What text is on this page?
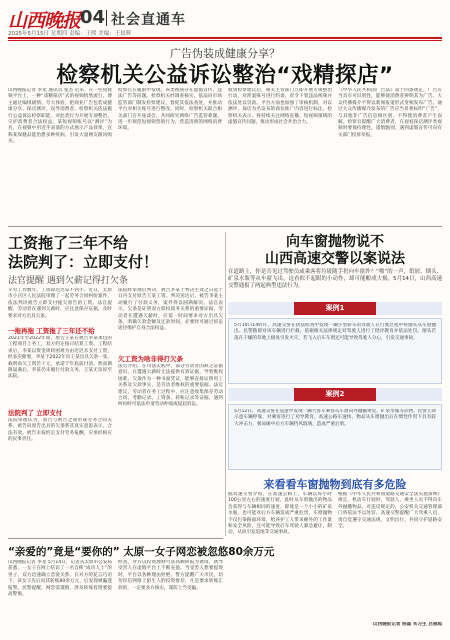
山西晚报 04 社会直通车
2025年5月15日 星期四 责编：王熙 美编：王晨辉
广告伪装成健康分享？
检察机关公益诉讼整治“戏精探店”
山西晚报记者 李龙 通讯员 张杰 近来，在一些短视频平台上，一种“戏精探店”式的视频悄然流行，博主通过编排剧情、夸大体验，把商业广告包装成健康分享、探店测评，误导消费者。检察机关依法履行公益诉讼检察职能，对此类行为开展专项整治，守护消费者合法权益。某短视频账号以“测评”为名，在视频中用近乎表演的方式展示产品效果，宣称某保健品能治愈多种疾病，引发大量网友跟风购买。
检察官在履职中发现，该类视频存在虚假宣传、违法广告等问题。检察机关经调查核实，依法向市场监管部门制发检察建议，督促其依法查处，并推动平台对相关账号进行整改。同时，检察机关联合相关部门召开座谈会，共同研究网络广告监管难题，进一步规范短视频营销行为，营造清朗的网络消费环境。
收到检察建议后，相关主管部门立即开展专项整治行动，对涉案账号进行约谈，责令下架违法视频并依法处以罚款。平台方面也加强了审核机制，对以测评、探店为名发布的商业推广内容进行标注。检察机关表示，将持续关注网络直播、短视频领域的虚假宣传问题，推动形成社会共治合力。
《中华人民共和国广告法》第十四条规定，广告应当具有可识别性，能够使消费者辨明其为广告。大众传播媒介不得以新闻报道形式变相发布广告。通过大众传播媒介发布的广告应当显著标明“广告”，与其他非广告信息相区别，不得使消费者产生误解。检察官提醒广大消费者，在观看探店测评类视频时要保持理性，谨慎甄别，遇到虚假宣传可向有关部门投诉举报。
工资拖了三年不给
法院判了：立即支付！
法官提醒 遇到欠薪记得打欠条
辛劳工作数年，工资却迟迟拿不到手。近日，太原市小店区人民法院审理了一起劳务合同纠纷案件，依法判决被告立即支付拖欠原告的工资。法官提醒，劳动者在遇到欠薪时，应注意保存证据，及时要求对方出具欠条。
一拖再拖 工资拖了三年还不给
2021年至2022年间，原告王某在被告李某承包的工程项目上务工，双方约定按日结算工资。工程结束后，李某以资金周转困难为由迟迟未支付工资，经多次催要，李某于2022年向王某出具欠条一张，载明尚欠工资若干元，承诺于年底前付清。然而期限届满后，李某仍未履行付款义务，王某无奈诉至法院。
法院判了 立即支付
法院审理认为，原告与被告之间形成劳务合同关系，被告向原告出具的欠条系其真实意思表示，合法有效。被告未按约定支付劳务报酬，应承担相应的民事责任。
法院经审理后判决，被告李某于判决生效之日起十日内支付原告王某工资。判决送达后，被告李某主动履行了付款义务，案件得以圆满解决。法官表示，欠条是证明双方债权债务关系的重要证据，劳动者在遭遇欠薪时，应第一时间要求对方出具欠条，明确欠款金额及还款时间，必要时可通过诉讼途径维护自身合法权益。
欠工资为啥非得打欠条
法官介绍，在司法实践中，部分劳动者因缺乏证据意识，在遭遇欠薪时无法提供有效证据，导致维权困难。欠条作为一种书面凭证，能够直接证明用工关系及欠款事实，是劳动者维权的重要依据。法官建议，劳动者在务工过程中，应注意收集保存劳动合同、考勤记录、工资条、转账记录等证据，遇到纠纷时可依法申请劳动仲裁或提起诉讼。
向车窗抛物说不
山西高速交警以案说法
在道路上，你是否见过驾驶员或乘客将垃圾随手扔向车窗外？“啪”的一声，纸屑、烟头、矿泉水瓶等从车窗飞出。这看似不起眼的小动作，却可能酿成大祸。5月14日，山西高速交警通报了两起典型违法行为。
案例1
5月10日14时许，高速交警在执法检查中发现一辆小型轿车的驾驶人在行驶过程中将烟头从车窗抛出。民警随即对该车辆进行拦截，依据相关法律规定对驾驶人进行了批评教育并依法处罚。烟头若落在干燥的草地上极易引发火灾，若飞入后车车窗还可能导致驾驶人分心，引发交通事故。
案例2
5月12日，高速交警在巡逻中发现一辆大客车乘客从车窗向外抛撒果皮、矿泉水瓶等杂物。民警立即示意车辆停靠，对乘客进行了劝导教育。高速公路车速快，物品从车窗抛出后在惯性作用下具有较大冲击力，极易砸中后方车辆挡风玻璃，造成严重后果。
来看看车窗抛物到底有多危险
据高速交警介绍，在高速公路上，车辆以每小时100公里左右的速度行驶，此时从车窗抛出的物品会获得与车辆相同的速度，即使是一个小小的矿泉水瓶，也可能对后方车辆造成严重危害。车窗抛物不仅污染路面环境，给养护工人带来额外的工作量和安全风险，还可能导致后车驾驶人紧急避让、制动，从而引发追尾等交通事故。
根据《中华人民共和国道路交通安全法实施条例》规定，机动车行驶时，驾驶人、乘坐人员不得向车外抛撒物品。对违反规定的，公安机关交通管理部门将依法予以处罚。高速交警提醒广大驾乘人员，请自觉遵守交通法规，文明出行，共同守护道路安全。
山西晚报记者 杨磊 实习生 吕燕超
“亲爱的”竟是“要你的” 太原一女子网恋被忽悠80余万元
山西晚报记者 李龙 5月14日，记者从太原市公安局获悉，一女子在网上结识了一名自称“成功人士”的男子，双方迅速确立恋爱关系。在对方的花言巧语下，该女子先后向其转账80余万元，后发现被骗遂报警。民警提醒，网恋需谨慎，涉及转账投资要提高警惕。
经查，对方以投资理财可获高额回报为诱饵，诱导受害人在虚假平台上不断充值，当受害人想要提现时，平台以各种理由拒绝。警方提醒广大市民，切勿轻信网络上陌生人的投资推荐，凡是要求转账汇款的，一定要多方核实，谨防上当受骗。
